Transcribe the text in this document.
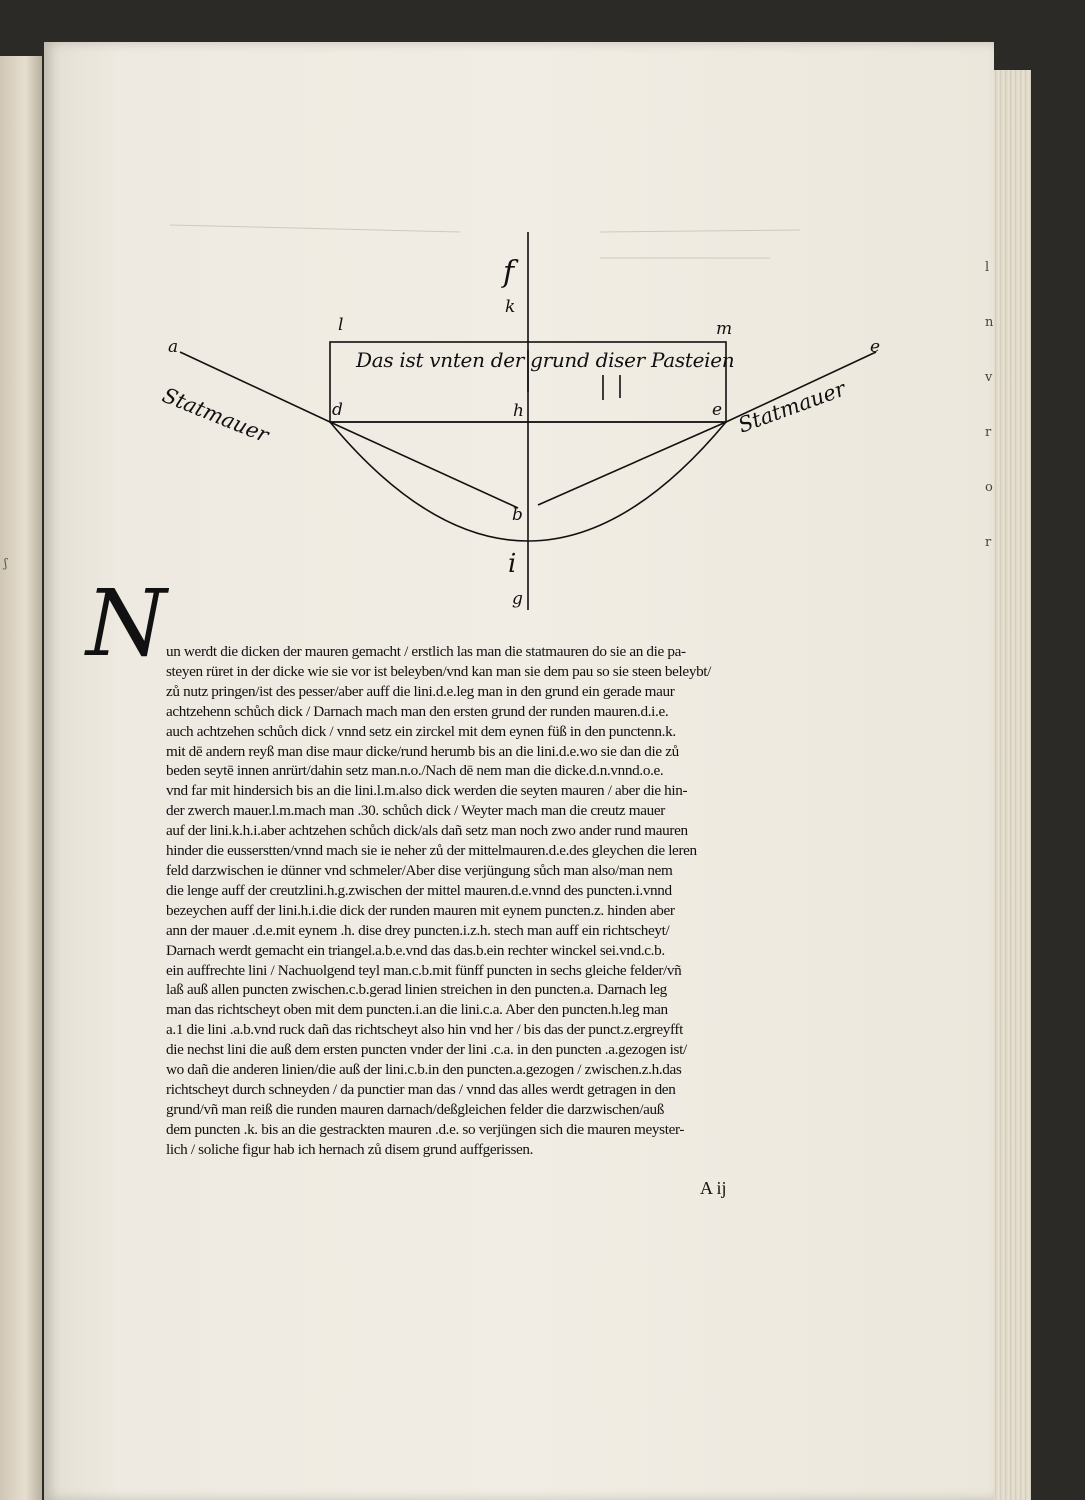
ʃ
l
n
v
r
o
r
a	e
l	m
f
k
d	h	e
b
i
g
Das ist vnten der grund diser Pasteien
Statmauer	Statmauer
N un werdt die dicken der mauren gemacht / erstlich las man die statmauren do sie an die pa-
steyen rüret in der dicke wie sie vor ist beleyben/vnd kan man sie dem pau so sie steen beleybt/
zů nutz pringen/ist des pesser/aber auff die lini.d.e.leg man in den grund ein gerade maur
achtzehenn schůch dick / Darnach mach man den ersten grund der runden mauren.d.i.e.
auch achtzehen schůch dick / vnnd setz ein zirckel mit dem eynen füß in den punctenn.k.
mit dē andern reyß man dise maur dicke/rund herumb bis an die lini.d.e.wo sie dan die zů
beden seytē innen anrürt/dahin setz man.n.o./Nach dē nem man die dicke.d.n.vnnd.o.e.
vnd far mit hindersich bis an die lini.l.m.also dick werden die seyten mauren / aber die hin-
der zwerch mauer.l.m.mach man .30. schůch dick / Weyter mach man die creutz mauer
auf der lini.k.h.i.aber achtzehen schůch dick/als dañ setz man noch zwo ander rund mauren
hinder die eusserstten/vnnd mach sie ie neher zů der mittelmauren.d.e.des gleychen die leren
feld darzwischen ie dünner vnd schmeler/Aber dise verjüngung sůch man also/man nem
die lenge auff der creutzlini.h.g.zwischen der mittel mauren.d.e.vnnd des puncten.i.vnnd
bezeychen auff der lini.h.i.die dick der runden mauren mit eynem puncten.z. hinden aber
ann der mauer .d.e.mit eynem .h. dise drey puncten.i.z.h. stech man auff ein richtscheyt/
Darnach werdt gemacht ein triangel.a.b.e.vnd das das.b.ein rechter winckel sei.vnd.c.b.
ein auffrechte lini / Nachuolgend teyl man.c.b.mit fünff puncten in sechs gleiche felder/vñ
laß auß allen puncten zwischen.c.b.gerad linien streichen in den puncten.a. Darnach leg
man das richtscheyt oben mit dem puncten.i.an die lini.c.a. Aber den puncten.h.leg man
a.1 die lini .a.b.vnd ruck dañ das richtscheyt also hin vnd her / bis das der punct.z.ergreyfft
die nechst lini die auß dem ersten puncten vnder der lini .c.a. in den puncten .a.gezogen ist/
wo dañ die anderen linien/die auß der lini.c.b.in den puncten.a.gezogen / zwischen.z.h.das
richtscheyt durch schneyden / da punctier man das / vnnd das alles werdt getragen in den
grund/vñ man reiß die runden mauren darnach/deßgleichen felder die darzwischen/auß
dem puncten .k. bis an die gestrackten mauren .d.e. so verjüngen sich die mauren meyster-
lich / soliche figur hab ich hernach zů disem grund auffgerissen.

A ij
